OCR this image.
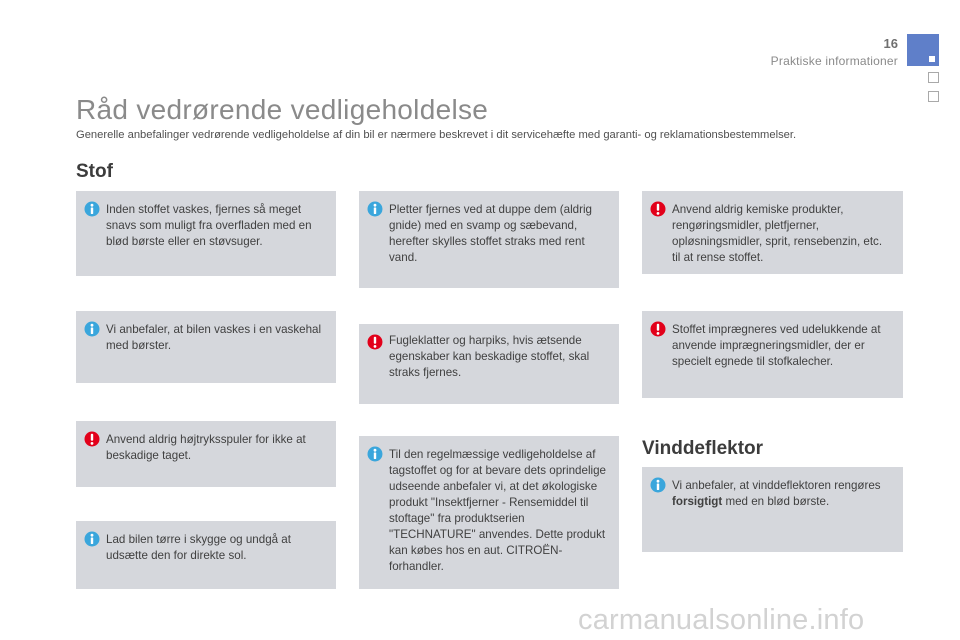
16
Praktiske informationer
Råd vedrørende vedligeholdelse

Generelle anbefalinger vedrørende vedligeholdelse af din bil er nærmere beskrevet i dit servicehæfte med garanti- og reklamationsbestemmelser.

Stof
Inden stoffet vaskes, fjernes så meget snavs som muligt fra overfladen med en blød børste eller en støvsuger.
Vi anbefaler, at bilen vaskes i en vaskehal med børster.
Anvend aldrig højtryksspuler for ikke at beskadige taget.
Lad bilen tørre i skygge og undgå at udsætte den for direkte sol.
Pletter fjernes ved at duppe dem (aldrig gnide) med en svamp og sæbevand, herefter skylles stoffet straks med rent vand.
Fugleklatter og harpiks, hvis ætsende egenskaber kan beskadige stoffet, skal straks fjernes.
Til den regelmæssige vedligeholdelse af tagstoffet og for at bevare dets oprindelige udseende anbefaler vi, at det økologiske produkt "Insektfjerner - Rensemiddel til stoftage" fra produktserien "TECHNATURE" anvendes. Dette produkt kan købes hos en aut. CITROËN-forhandler.
Anvend aldrig kemiske produkter, rengøringsmidler, pletfjerner, opløsningsmidler, sprit, rensebenzin, etc. til at rense stoffet.
Stoffet imprægneres ved udelukkende at anvende imprægneringsmidler, der er specielt egnede til stofkalecher.
Vinddeflektor
Vi anbefaler, at vinddeflektoren rengøres forsigtigt med en blød børste.
carmanualsonline.info
